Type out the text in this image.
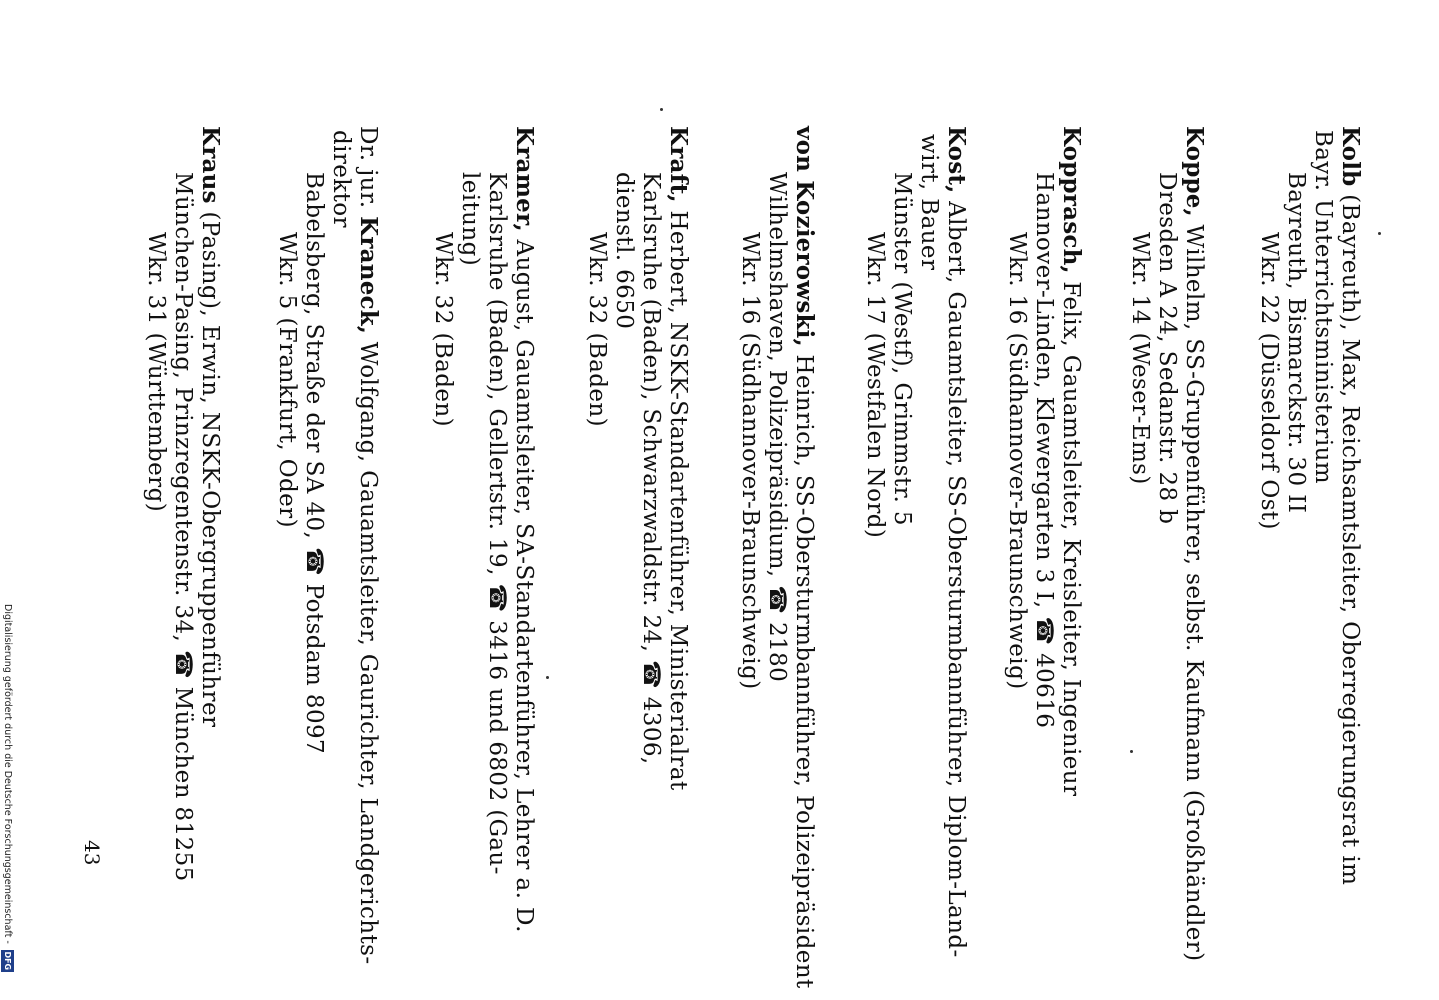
Kolb (Bayreuth), Max, Reichsamtsleiter, Oberregierungsrat im
Bayr. Unterrichtsministerium
Bayreuth, Bismarckstr. 30 II
Wkr. 22 (Düsseldorf Ost)
Koppe, Wilhelm, SS-Gruppenführer, selbst. Kaufmann (Großhändler)
Dresden A 24, Sedanstr. 28 b
Wkr. 14 (Weser-Ems)
Kopprasch, Felix, Gauamtsleiter, Kreisleiter, Ingenieur
Hannover-Linden, Klewergarten 3 I, ☎ 40616
Wkr. 16 (Südhannover-Braunschweig)
Kost, Albert, Gauamtsleiter, SS-Obersturmbannführer, Diplom-Land-
wirt, Bauer
Münster (Westf), Grimmstr. 5
Wkr. 17 (Westfalen Nord)
von Kozierowski, Heinrich, SS-Obersturmbannführer, Polizeipräsident
Wilhelmshaven, Polizeipräsidium, ☎ 2180
Wkr. 16 (Südhannover-Braunschweig)
Kraft, Herbert, NSKK-Standartenführer, Ministerialrat
Karlsruhe (Baden), Schwarzwaldstr. 24, ☎ 4306,
dienstl. 6650
Wkr. 32 (Baden)
Kramer, August, Gauamtsleiter, SA-Standartenführer, Lehrer a. D.
Karlsruhe (Baden), Gellertstr. 19, ☎ 3416 und 6802 (Gau-
leitung)
Wkr. 32 (Baden)
Dr. jur. Kraneck, Wolfgang, Gauamtsleiter, Gaurichter, Landgerichts-
direktor
Babelsberg, Straße der SA 40, ☎ Potsdam 8097
Wkr. 5 (Frankfurt, Oder)
Kraus (Pasing), Erwin, NSKK-Obergruppenführer
München-Pasing, Prinzregentenstr. 34, ☎ München 81255
Wkr. 31 (Württemberg)
43
Digitalisierung gefördert durch die Deutsche Forschungsgemeinschaft - DFG
